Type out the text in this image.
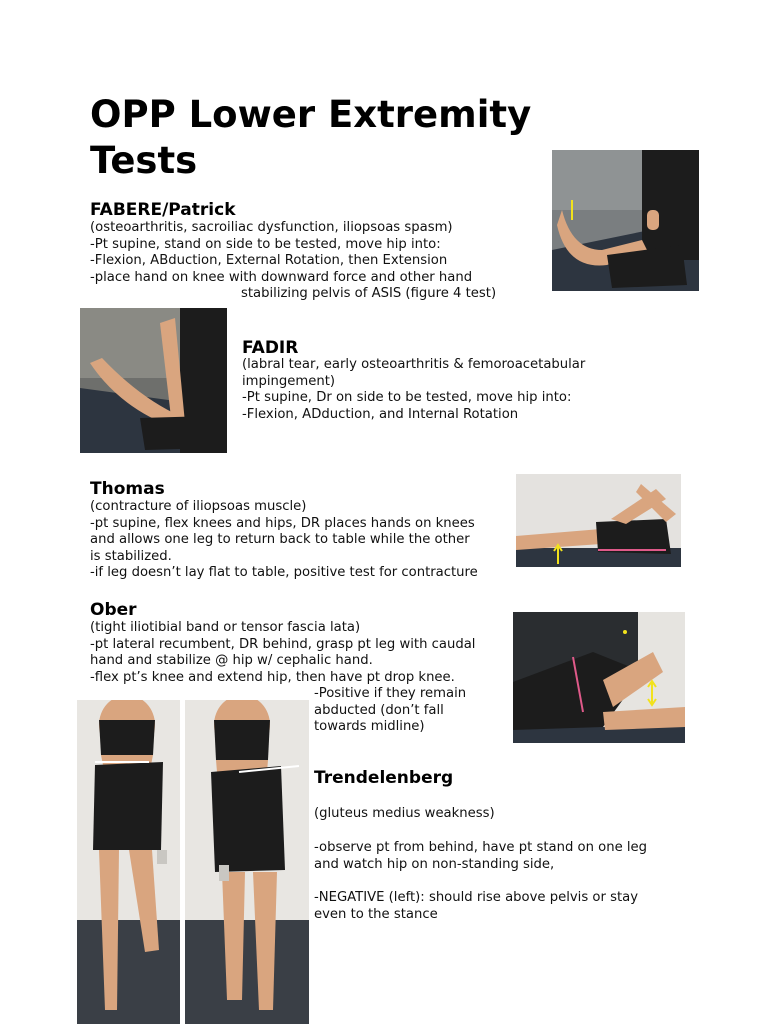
OPP Lower Extremity Tests
FABERE/Patrick
(osteoarthritis, sacroiliac dysfunction, iliopsoas spasm)
-Pt supine, stand on side to be tested, move hip into:
-Flexion, ABduction, External Rotation, then Extension
-place hand on knee with downward force and other hand
stabilizing pelvis of ASIS (figure 4 test)
FADIR
(labral tear, early osteoarthritis & femoroacetabular
impingement)
-Pt supine, Dr on side to be tested, move hip into:
-Flexion, ADduction, and Internal Rotation
Thomas
(contracture of iliopsoas muscle)
-pt supine, flex knees and hips, DR places hands on knees
and allows one leg to return back to table while the other
is stabilized.
-if leg doesn’t lay flat to table, positive test for contracture
Ober
(tight iliotibial band or tensor fascia lata)
-pt lateral recumbent, DR behind, grasp pt leg with caudal
hand and stabilize @ hip w/ cephalic hand.
-flex pt’s knee and extend hip, then have pt drop knee.
-Positive if they remain
abducted (don’t fall
towards midline)
Trendelenberg
(gluteus medius weakness)
-observe pt from behind, have pt stand on one leg
and watch hip on non-standing side,
-NEGATIVE (left): should rise above pelvis or stay
even to the stance
